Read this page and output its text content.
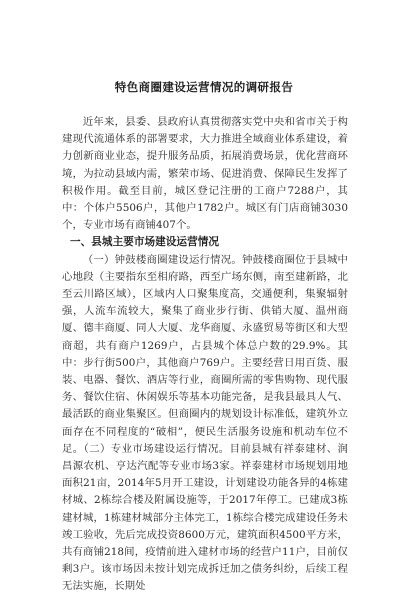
特色商圈建设运营情况的调研报告

近年来，县委、县政府认真贯彻落实党中央和省市关于构建现代流通体系的部署要求，大力推进全域商业体系建设，着力创新商业业态，提升服务品质，拓展消费场景，优化营商环境，为拉动县域内需，繁荣市场、促进消费、保障民生发挥了积极作用。截至目前，城区登记注册的工商户7288户，其中：个体户5506户，其他户1782户。城区有门店商铺3030个，专业市场有商铺407个。

一、县城主要市场建设运营情况

（一）钟鼓楼商圈建设运行情况。钟鼓楼商圈位于县城中心地段（主要指东至相府路，西至广场东侧，南至建新路，北至云川路区域），区域内人口聚集度高，交通便利，集聚辐射强，人流车流较大，聚集了商业步行街、供销大厦、温州商厦、德丰商厦、同人大厦、龙华商厦、永盛贸易等街区和大型商超，共有商户1269户，占县城个体总户数的29.9%。其中：步行街500户，其他商户769户。主要经营日用百货、服装、电器、餐饮、酒店等行业，商圈所需的零售购物、现代服务、餐饮住宿、休闲娱乐等基本功能完备，是我县最具人气、最活跃的商业集聚区。但商圈内的规划设计标准低，建筑外立面存在不同程度的“破相”，便民生活服务设施和机动车位不足。（二）专业市场建设运行情况。目前县城有祥泰建材、润昌源农机、亨达汽配等专业市场3家。祥泰建材市场规划用地面积21亩，2014年5月开工建设，计划建设功能各异的4栋建材城、2栋综合楼及附属设施等，于2017年停工。已建成3栋建材城，1栋建材城部分主体完工，1栋综合楼完成建设任务未竣工验收，先后完成投资8600万元，建筑面积4500平方米，共有商铺218间，疫情前进入建材市场的经营户11户，目前仅剩3户。该市场因未按计划完成拆迁加之债务纠纷，后续工程无法实施，长期处
